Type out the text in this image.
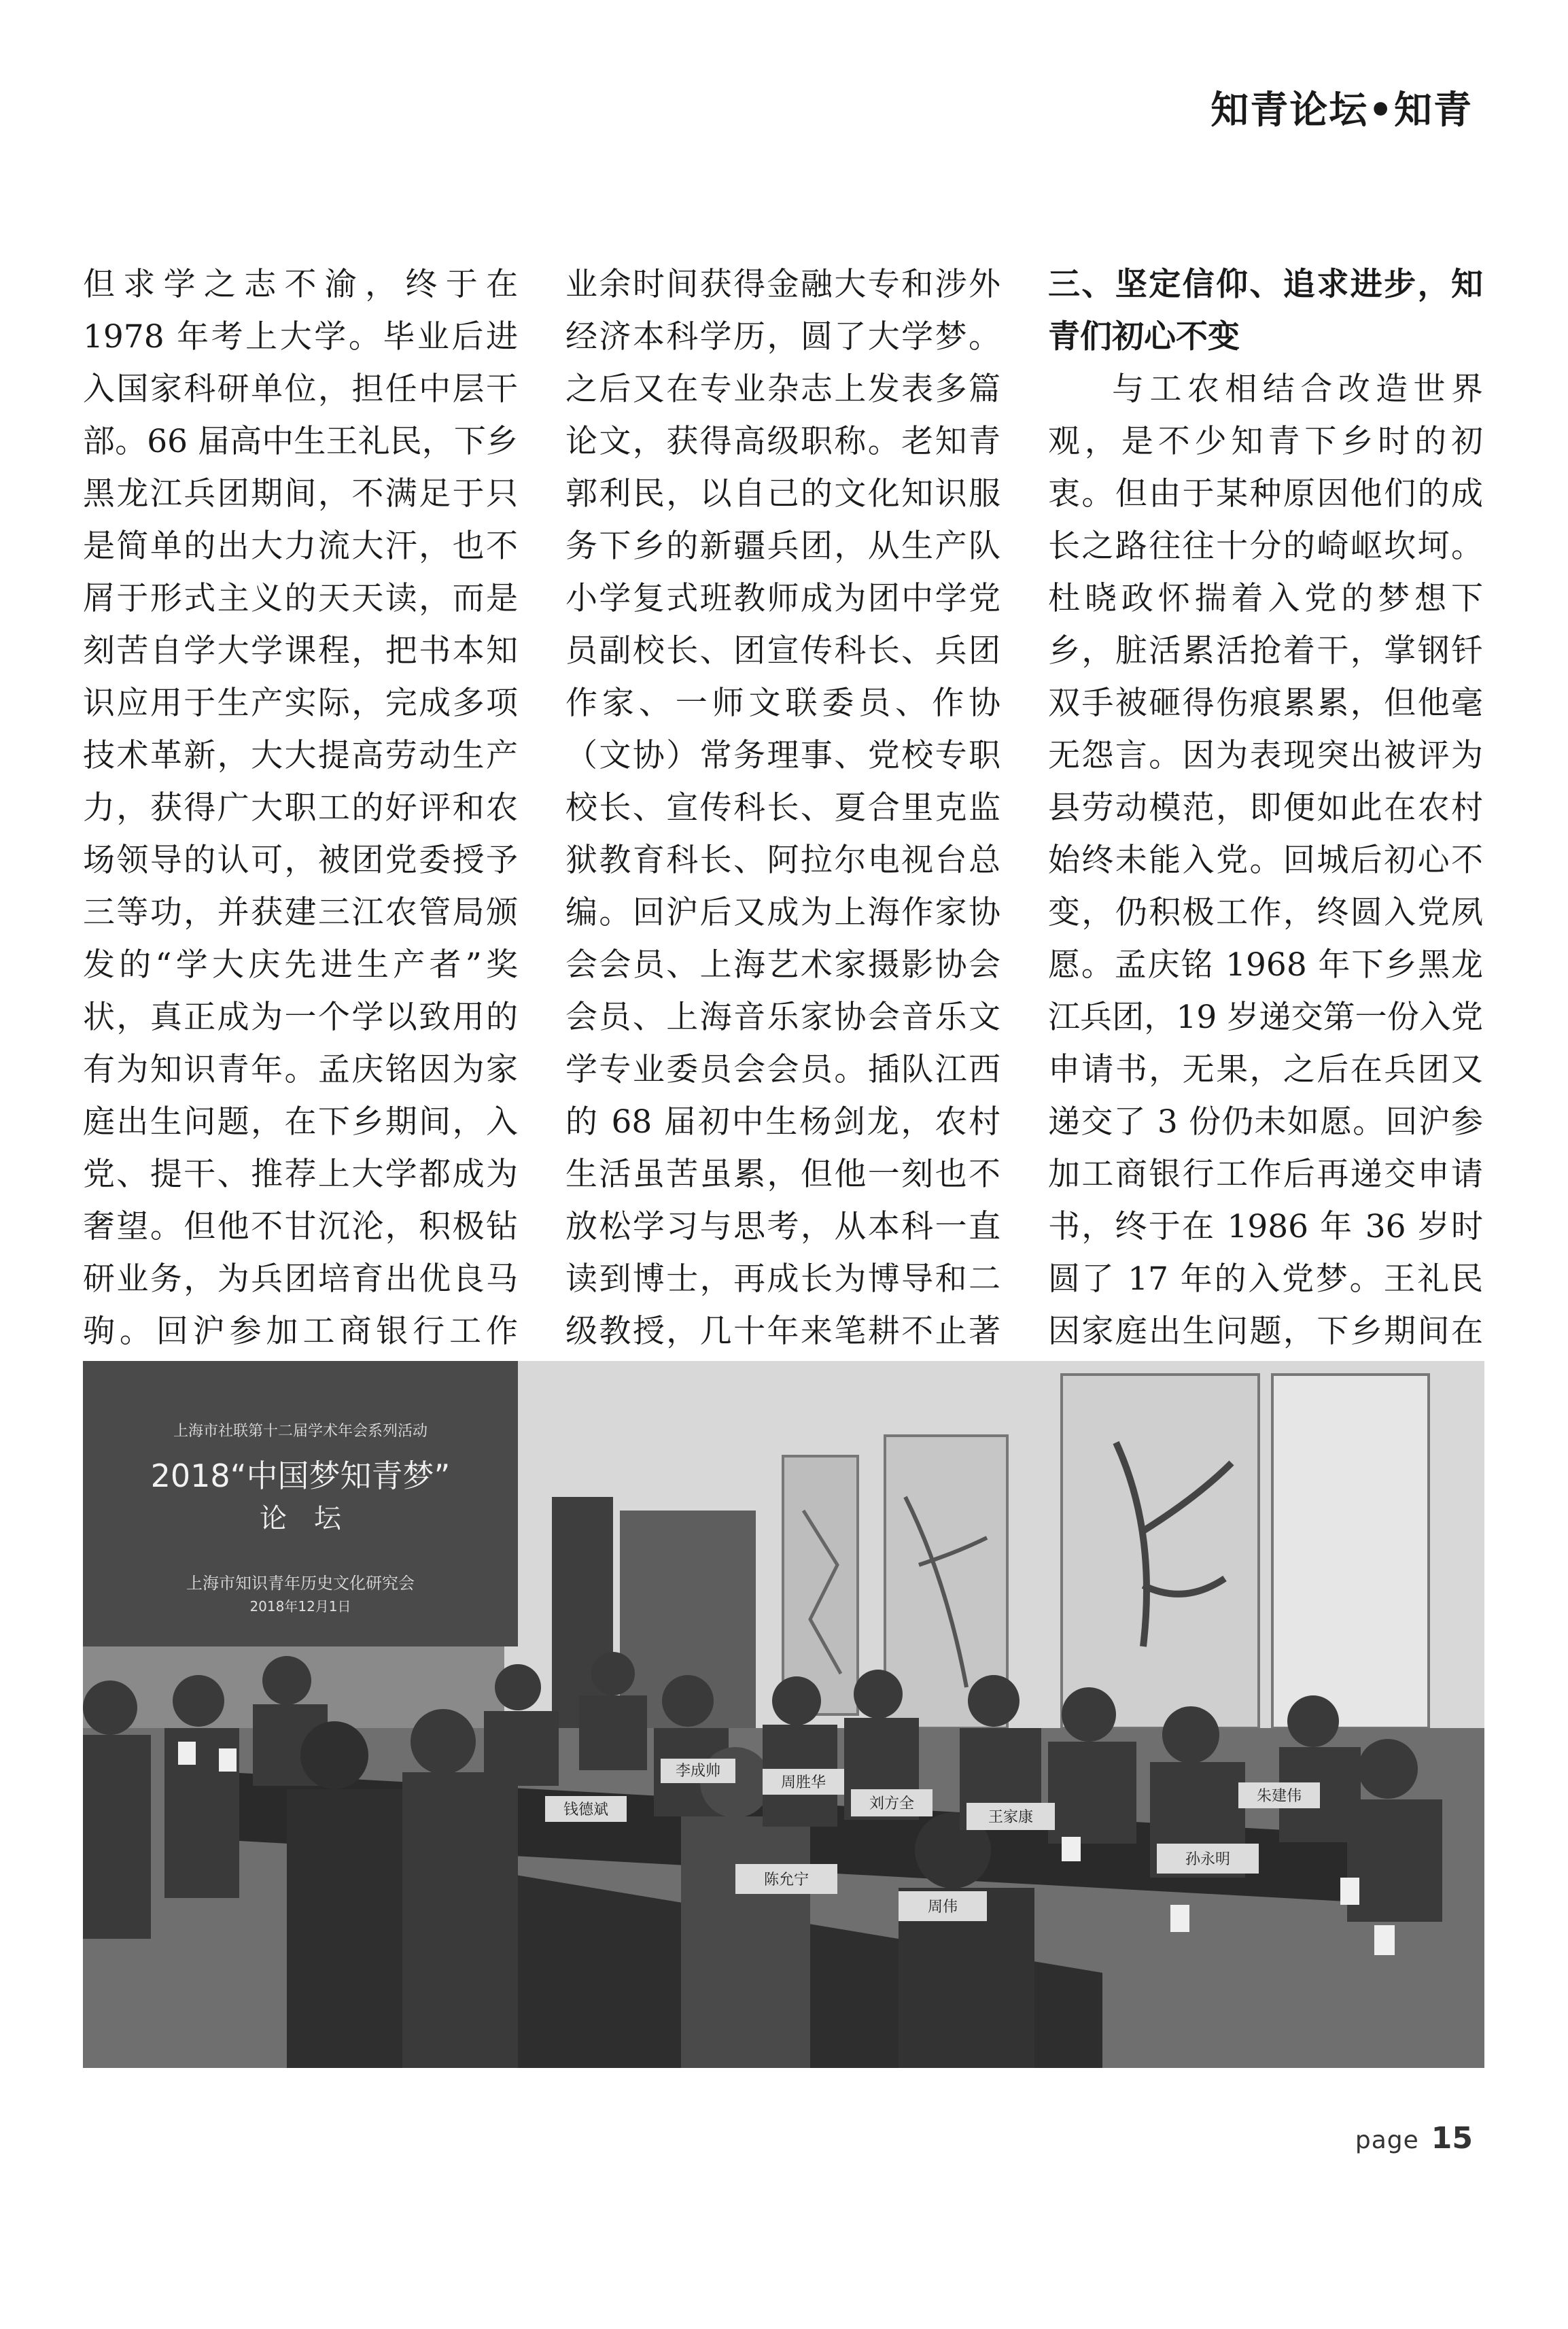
知青论坛•知青

但求学之志不渝，终于在 1978 年考上大学。毕业后进入国家科研单位，担任中层干部。66 届高中生王礼民，下乡黑龙江兵团期间，不满足于只是简单的出大力流大汗，也不屑于形式主义的天天读，而是刻苦自学大学课程，把书本知识应用于生产实际，完成多项技术革新，大大提高劳动生产力，获得广大职工的好评和农场领导的认可，被团党委授予三等功，并获建三江农管局颁发的“学大庆先进生产者”奖状，真正成为一个学以致用的有为知识青年。孟庆铭因为家庭出生问题，在下乡期间，入党、提干、推荐上大学都成为奢望。但他不甘沉沦，积极钻研业务，为兵团培育出优良马驹。回沪参加工商银行工作

业余时间获得金融大专和涉外经济本科学历，圆了大学梦。之后又在专业杂志上发表多篇论文，获得高级职称。老知青郭利民，以自己的文化知识服务下乡的新疆兵团，从生产队小学复式班教师成为团中学党员副校长、团宣传科长、兵团作家、一师文联委员、作协（文协）常务理事、党校专职校长、宣传科长、夏合里克监狱教育科长、阿拉尔电视台总编。回沪后又成为上海作家协会会员、上海艺术家摄影协会会员、上海音乐家协会音乐文学专业委员会会员。插队江西的 68 届初中生杨剑龙，农村生活虽苦虽累，但他一刻也不放松学习与思考，从本科一直读到博士，再成长为博导和二级教授，几十年来笔耕不止著

三、坚定信仰、追求进步，知青们初心不变

与工农相结合改造世界观，是不少知青下乡时的初衷。但由于某种原因他们的成长之路往往十分的崎岖坎坷。杜晓政怀揣着入党的梦想下乡，脏活累活抢着干，掌钢钎双手被砸得伤痕累累，但他毫无怨言。因为表现突出被评为县劳动模范，即便如此在农村始终未能入党。回城后初心不变，仍积极工作，终圆入党夙愿。孟庆铭 1968 年下乡黑龙江兵团，19 岁递交第一份入党申请书，无果，之后在兵团又递交了 3 份仍未如愿。回沪参加工商银行工作后再递交申请书，终于在 1986 年 36 岁时圆了 17 年的入党梦。王礼民因家庭出生问题，下乡期间在

上海市社联第十二届学术年会系列活动
2018“中国梦知青梦”
论　坛
上海市知识青年历史文化研究会
2018年12月1日
陈允宁
周伟
孙永明
王家康
刘方全
周胜华
李成帅
朱建伟
钱德斌
page 15
